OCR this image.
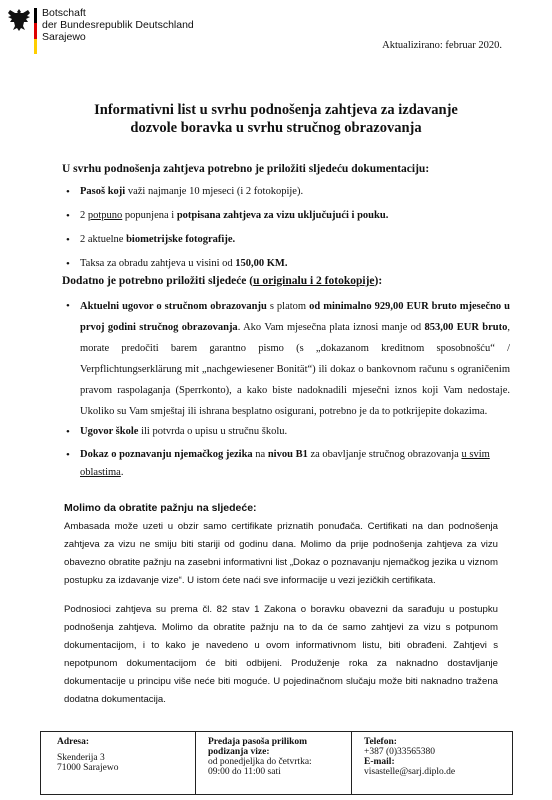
Botschaft
der Bundesrepublik Deutschland
Sarajewo
Aktualizirano: februar 2020.
Informativni list u svrhu podnošenja zahtjeva za izdavanje
dozvole boravka u svrhu stručnog obrazovanja
U svrhu podnošenja zahtjeva potrebno je priložiti sljedeću dokumentaciju:
• Pasoš koji važi najmanje 10 mjeseci (i 2 fotokopije).
• 2 potpuno popunjena i potpisana zahtjeva za vizu uključujući i pouku.
• 2 aktuelne biometrijske fotografije.
• Taksa za obradu zahtjeva u visini od 150,00 KM.
Dodatno je potrebno priložiti sljedeće (u originalu i 2 fotokopije):
• Aktuelni ugovor o stručnom obrazovanju s platom od minimalno 929,00 EUR bruto mjesečno u prvoj godini stručnog obrazovanja. Ako Vam mjesečna plata iznosi manje od 853,00 EUR bruto, morate predočiti barem garantno pismo (s „dokazanom kreditnom sposobnošću“ / Verpflichtungserklärung mit „nachgewiesener Bonität“) ili dokaz o bankovnom računu s ograničenim pravom raspolaganja (Sperrkonto), a kako biste nadoknadili mjesečni iznos koji Vam nedostaje. Ukoliko su Vam smještaj ili ishrana besplatno osigurani, potrebno je da to potkrijepite dokazima.
• Ugovor škole ili potvrda o upisu u stručnu školu.
• Dokaz o poznavanju njemačkog jezika na nivou B1 za obavljanje stručnog obrazovanja u svim oblastima.
Molimo da obratite pažnju na sljedeće:
Ambasada može uzeti u obzir samo certifikate priznatih ponuđača. Certifikati na dan podnošenja zahtjeva za vizu ne smiju biti stariji od godinu dana. Molimo da prije podnošenja zahtjeva za vizu obavezno obratite pažnju na zasebni informativni list „Dokaz o poznavanju njemačkog jezika u viznom postupku za izdavanje vize“. U istom ćete naći sve informacije u vezi jezičkih certifikata.
Podnosioci zahtjeva su prema čl. 82 stav 1 Zakona o boravku obavezni da sarađuju u postupku podnošenja zahtjeva. Molimo da obratite pažnju na to da će samo zahtjevi za vizu s potpunom dokumentacijom, i to kako je navedeno u ovom informativnom listu, biti obrađeni. Zahtjevi s nepotpunom dokumentacijom će biti odbijeni. Produženje roka za naknadno dostavljanje dokumentacije u principu više neće biti moguće. U pojedinačnom slučaju može biti naknadno tražena dodatna dokumentacija.
Adresa:
Skenderija 3
71000 Sarajewo
Predaja pasoša prilikom
podizanja vize:
od ponedjeljka do četvrtka:
09:00 do 11:00 sati
Telefon:
+387 (0)33565380
E-mail:
visastelle@sarj.diplo.de
